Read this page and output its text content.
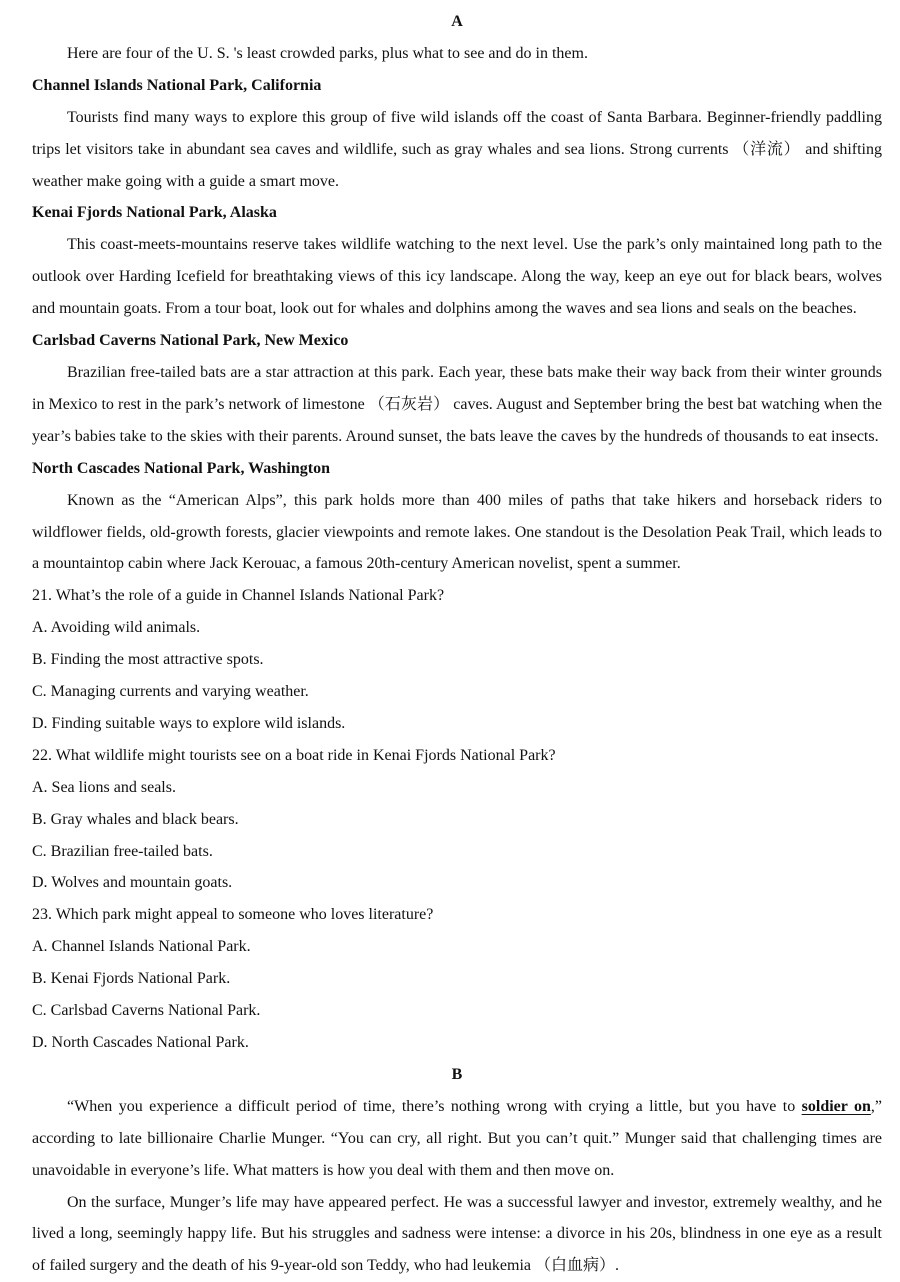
A

Here are four of the U. S. 's least crowded parks, plus what to see and do in them.

Channel Islands National Park, California

Tourists find many ways to explore this group of five wild islands off the coast of Santa Barbara. Beginner-friendly paddling trips let visitors take in abundant sea caves and wildlife, such as gray whales and sea lions. Strong currents （洋流） and shifting weather make going with a guide a smart move.

Kenai Fjords National Park, Alaska

This coast-meets-mountains reserve takes wildlife watching to the next level. Use the park’s only maintained long path to the outlook over Harding Icefield for breathtaking views of this icy landscape. Along the way, keep an eye out for black bears, wolves and mountain goats. From a tour boat, look out for whales and dolphins among the waves and sea lions and seals on the beaches.

Carlsbad Caverns National Park, New Mexico

Brazilian free-tailed bats are a star attraction at this park. Each year, these bats make their way back from their winter grounds in Mexico to rest in the park’s network of limestone （石灰岩） caves. August and September bring the best bat watching when the year’s babies take to the skies with their parents. Around sunset, the bats leave the caves by the hundreds of thousands to eat insects.

North Cascades National Park, Washington

Known as the “American Alps”, this park holds more than 400 miles of paths that take hikers and horseback riders to wildflower fields, old-growth forests, glacier viewpoints and remote lakes. One standout is the Desolation Peak Trail, which leads to a mountaintop cabin where Jack Kerouac, a famous 20th-century American novelist, spent a summer.

21. What’s the role of a guide in Channel Islands National Park?

A. Avoiding wild animals.
B. Finding the most attractive spots.
C. Managing currents and varying weather.
D. Finding suitable ways to explore wild islands.

22. What wildlife might tourists see on a boat ride in Kenai Fjords National Park?

A. Sea lions and seals.
B. Gray whales and black bears.
C. Brazilian free-tailed bats.
D. Wolves and mountain goats.

23. Which park might appeal to someone who loves literature?

A. Channel Islands National Park.
B. Kenai Fjords National Park.
C. Carlsbad Caverns National Park.
D. North Cascades National Park.
B

“When you experience a difficult period of time, there’s nothing wrong with crying a little, but you have to soldier on,” according to late billionaire Charlie Munger. “You can cry, all right. But you can’t quit.” Munger said that challenging times are unavoidable in everyone’s life. What matters is how you deal with them and then move on.

On the surface, Munger’s life may have appeared perfect. He was a successful lawyer and investor, extremely wealthy, and he lived a long, seemingly happy life. But his struggles and sadness were intense: a divorce in his 20s, blindness in one eye as a result of failed surgery and the death of his 9-year-old son Teddy, who had leukemia （白血病）.
